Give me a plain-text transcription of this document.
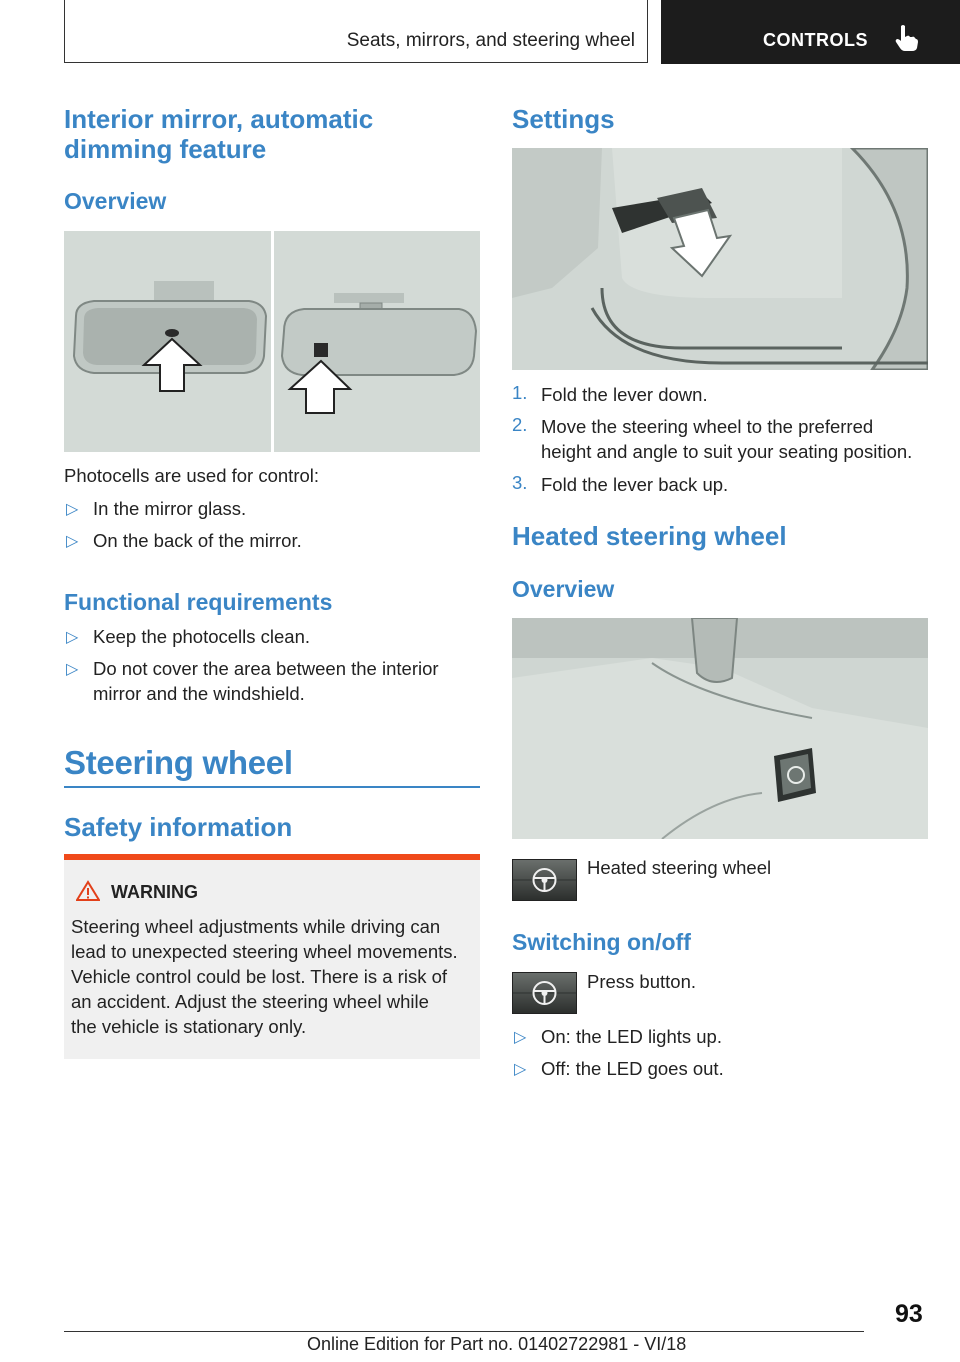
Seats, mirrors, and steering wheel	CONTROLS
Interior mirror, automatic
dimming feature
Overview
Photocells are used for control:
▷ In the mirror glass.
▷ On the back of the mirror.
Functional requirements
▷ Keep the photocells clean.
▷ Do not cover the area between the interior
mirror and the windshield.
Steering wheel
Safety information
WARNING
Steering wheel adjustments while driving can
lead to unexpected steering wheel movements.
Vehicle control could be lost. There is a risk of
an accident. Adjust the steering wheel while
the vehicle is stationary only.
Settings
1. Fold the lever down.
2. Move the steering wheel to the preferred
height and angle to suit your seating position.
3. Fold the lever back up.
Heated steering wheel
Overview
Heated steering wheel
Switching on/off
Press button.
▷ On: the LED lights up.
▷ Off: the LED goes out.
93
Online Edition for Part no. 01402722981 - VI/18
